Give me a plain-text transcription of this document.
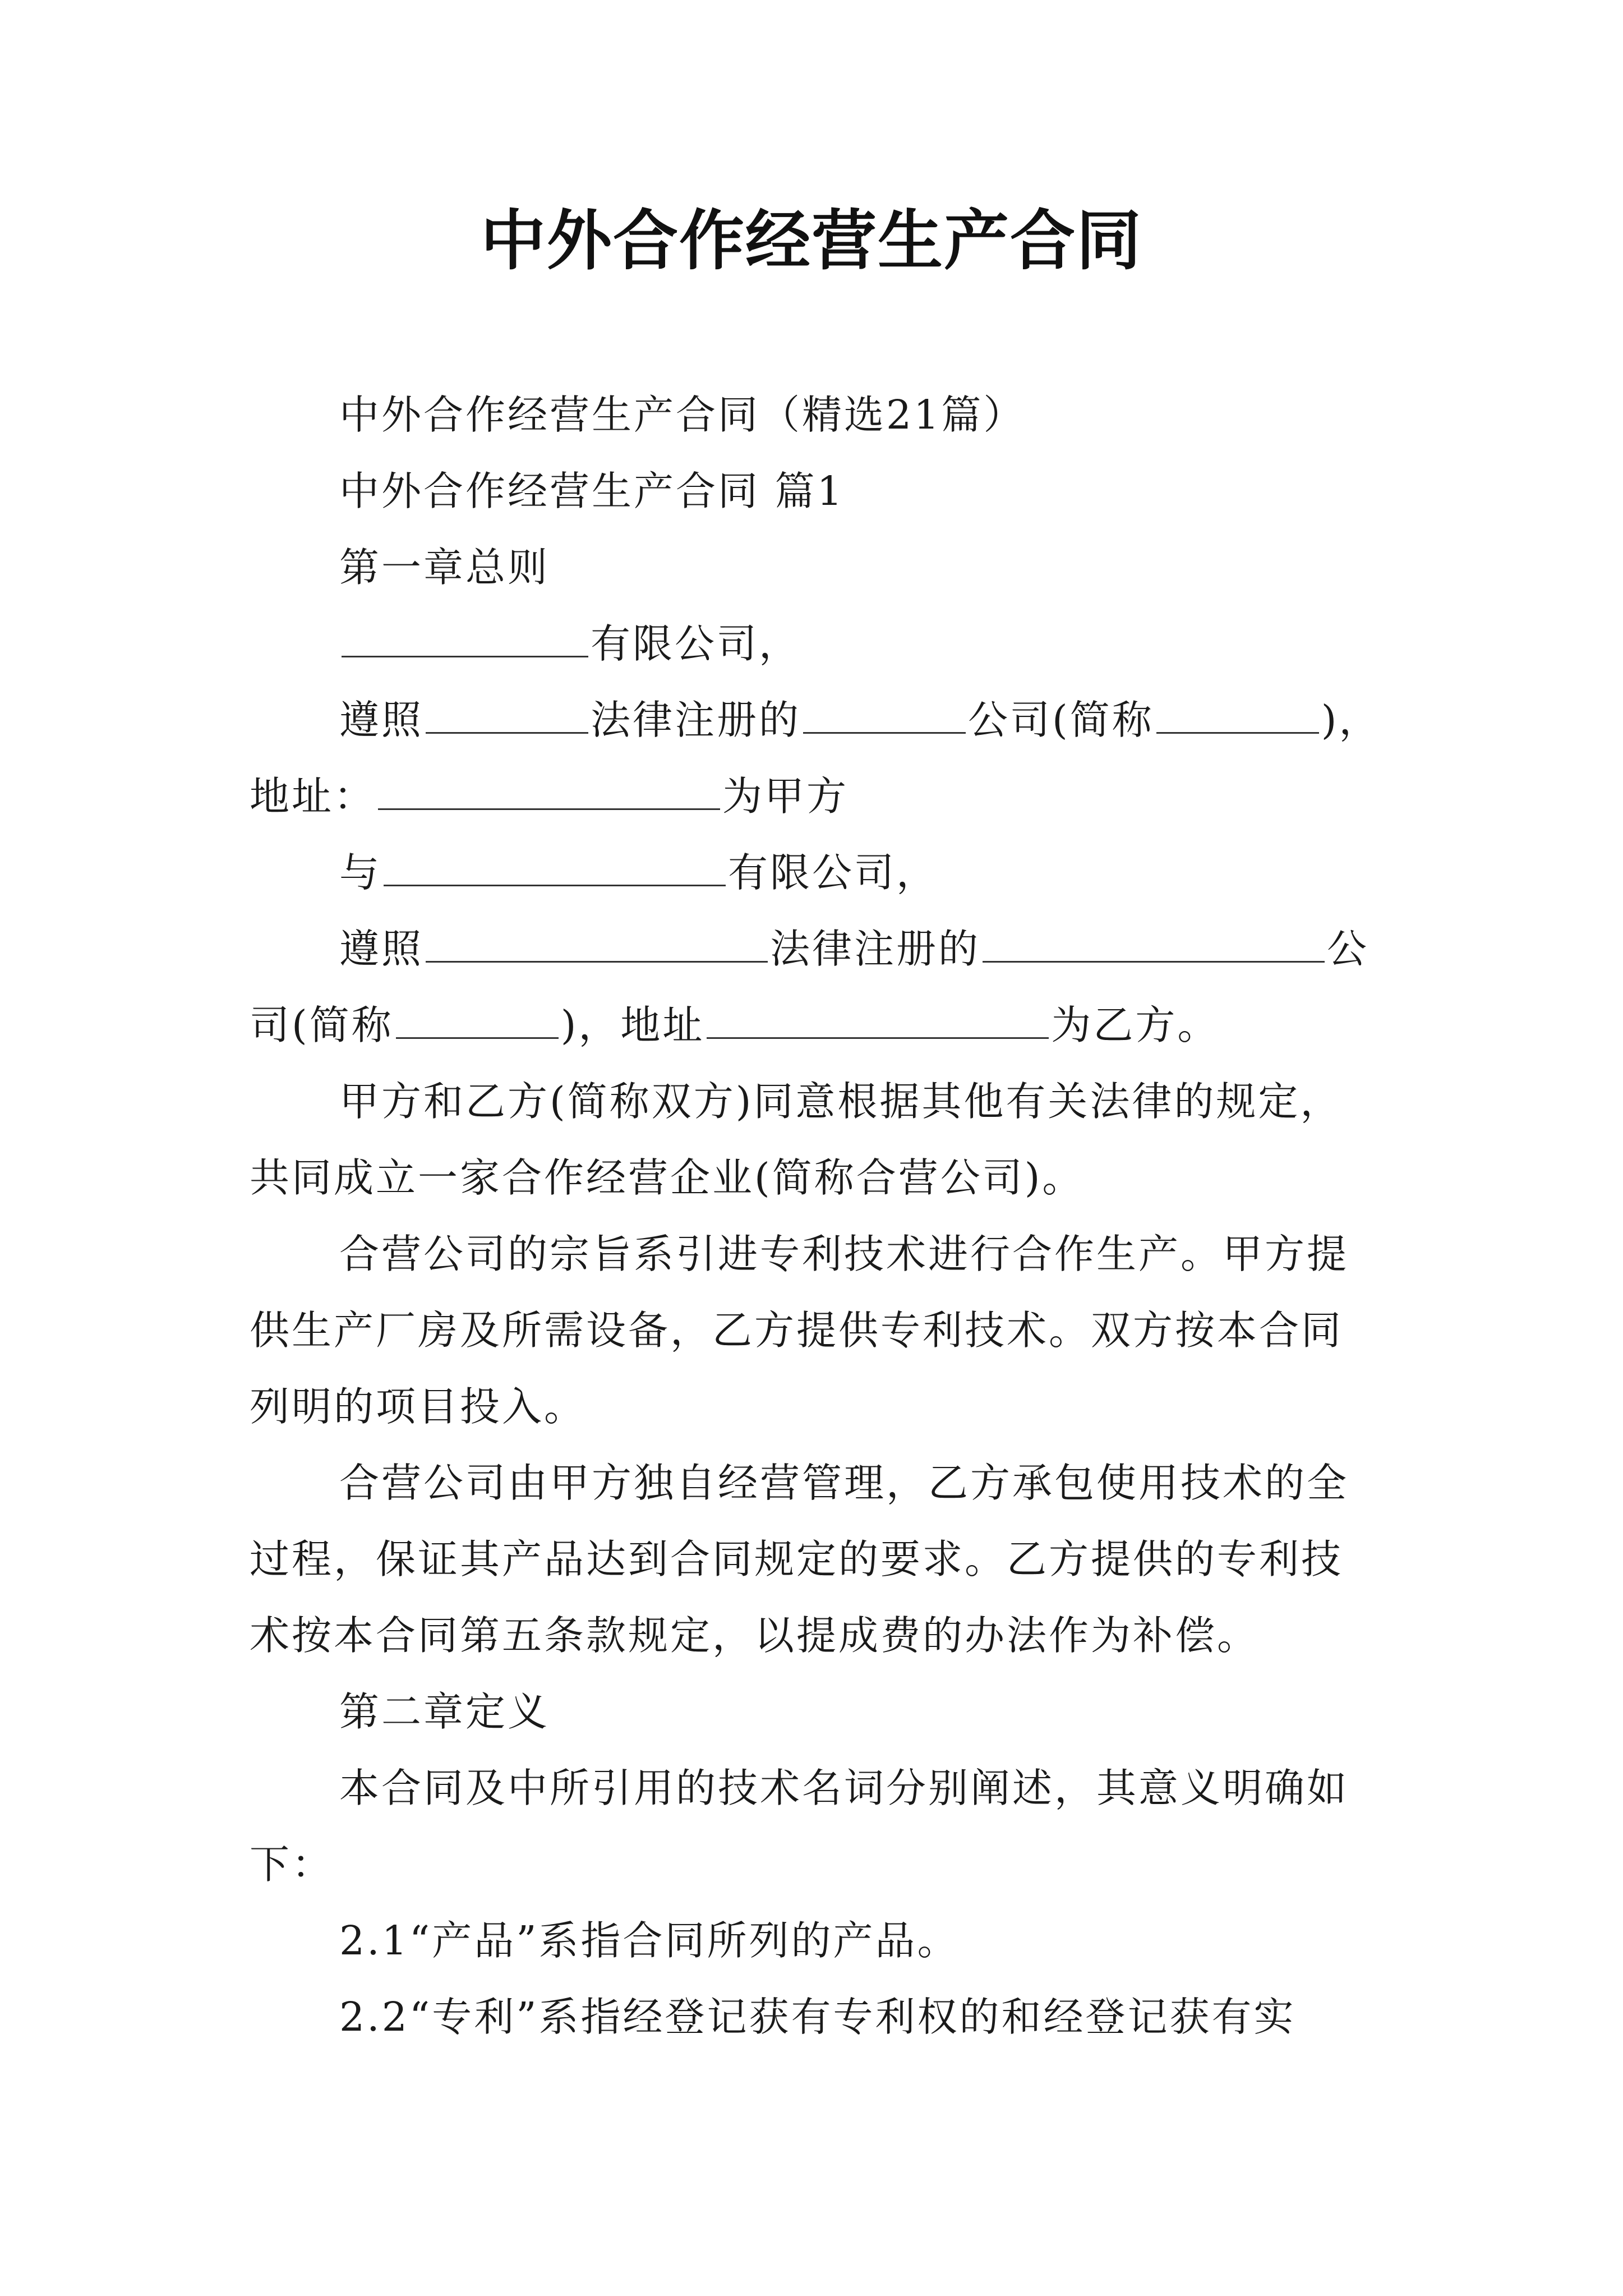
中外合作经营生产合同
中外合作经营生产合同（精选21篇）
中外合作经营生产合同 篇1
第一章总则
有限公司，
遵照	法律注册的	公司(简称	)，
地址：	为甲方
与	有限公司，
遵照	法律注册的	公
司(简称	)，地址	为乙方。
甲方和乙方(简称双方)同意根据其他有关法律的规定，
共同成立一家合作经营企业(简称合营公司)。
合营公司的宗旨系引进专利技术进行合作生产。甲方提
供生产厂房及所需设备，乙方提供专利技术。双方按本合同
列明的项目投入。
合营公司由甲方独自经营管理，乙方承包使用技术的全
过程，保证其产品达到合同规定的要求。乙方提供的专利技
术按本合同第五条款规定，以提成费的办法作为补偿。
第二章定义
本合同及中所引用的技术名词分别阐述，其意义明确如
下：
2.1“产品”系指合同所列的产品。
2.2“专利”系指经登记获有专利权的和经登记获有实
